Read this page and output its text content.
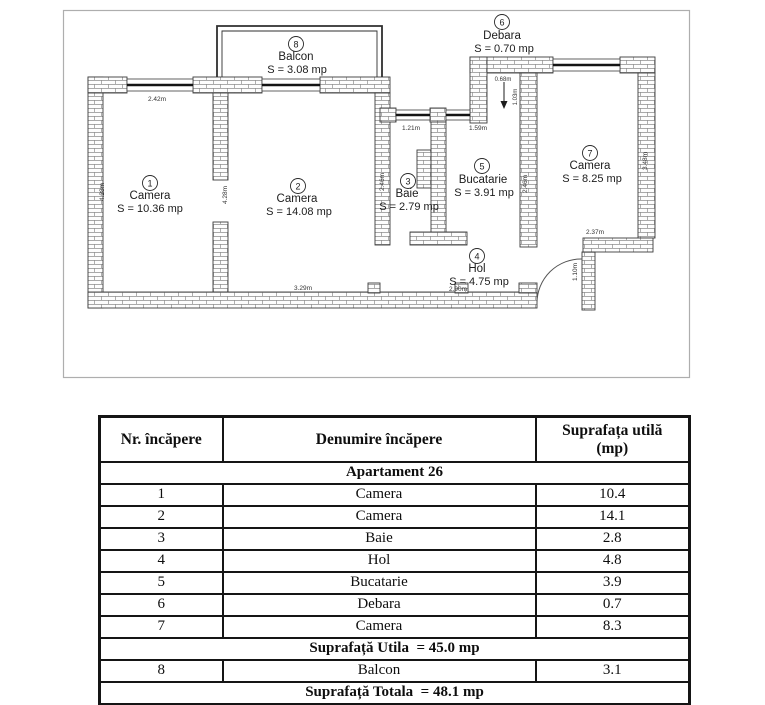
1
Camera
S = 10.36 mp
2
Camera
S = 14.08 mp
3
Baie
S = 2.79 mp
4
Hol
S = 4.75 mp
5
Bucatarie
S = 3.91 mp
6
Debara
S = 0.70 mp
7
Camera
S = 8.25 mp
8
Balcon
S = 3.08 mp
2.42m
4.28m	4.28m
1.21m	1.59m
0.68m
1.03m
2.46m	2.46m
3.48m
2.37m
1.10m
3.29m	2.90m
Nr. încăpere	Denumire încăpere	Suprafața utilă
(mp)

Apartament 26		
1	Camera	10.4
2	Camera	14.1
3	Baie	2.8
4	Hol	4.8
5	Bucatarie	3.9
6	Debara	0.7
7	Camera	8.3
Suprafață Utila  = 45.0 mp		
8	Balcon	3.1
Suprafață Totala  = 48.1 mp		
